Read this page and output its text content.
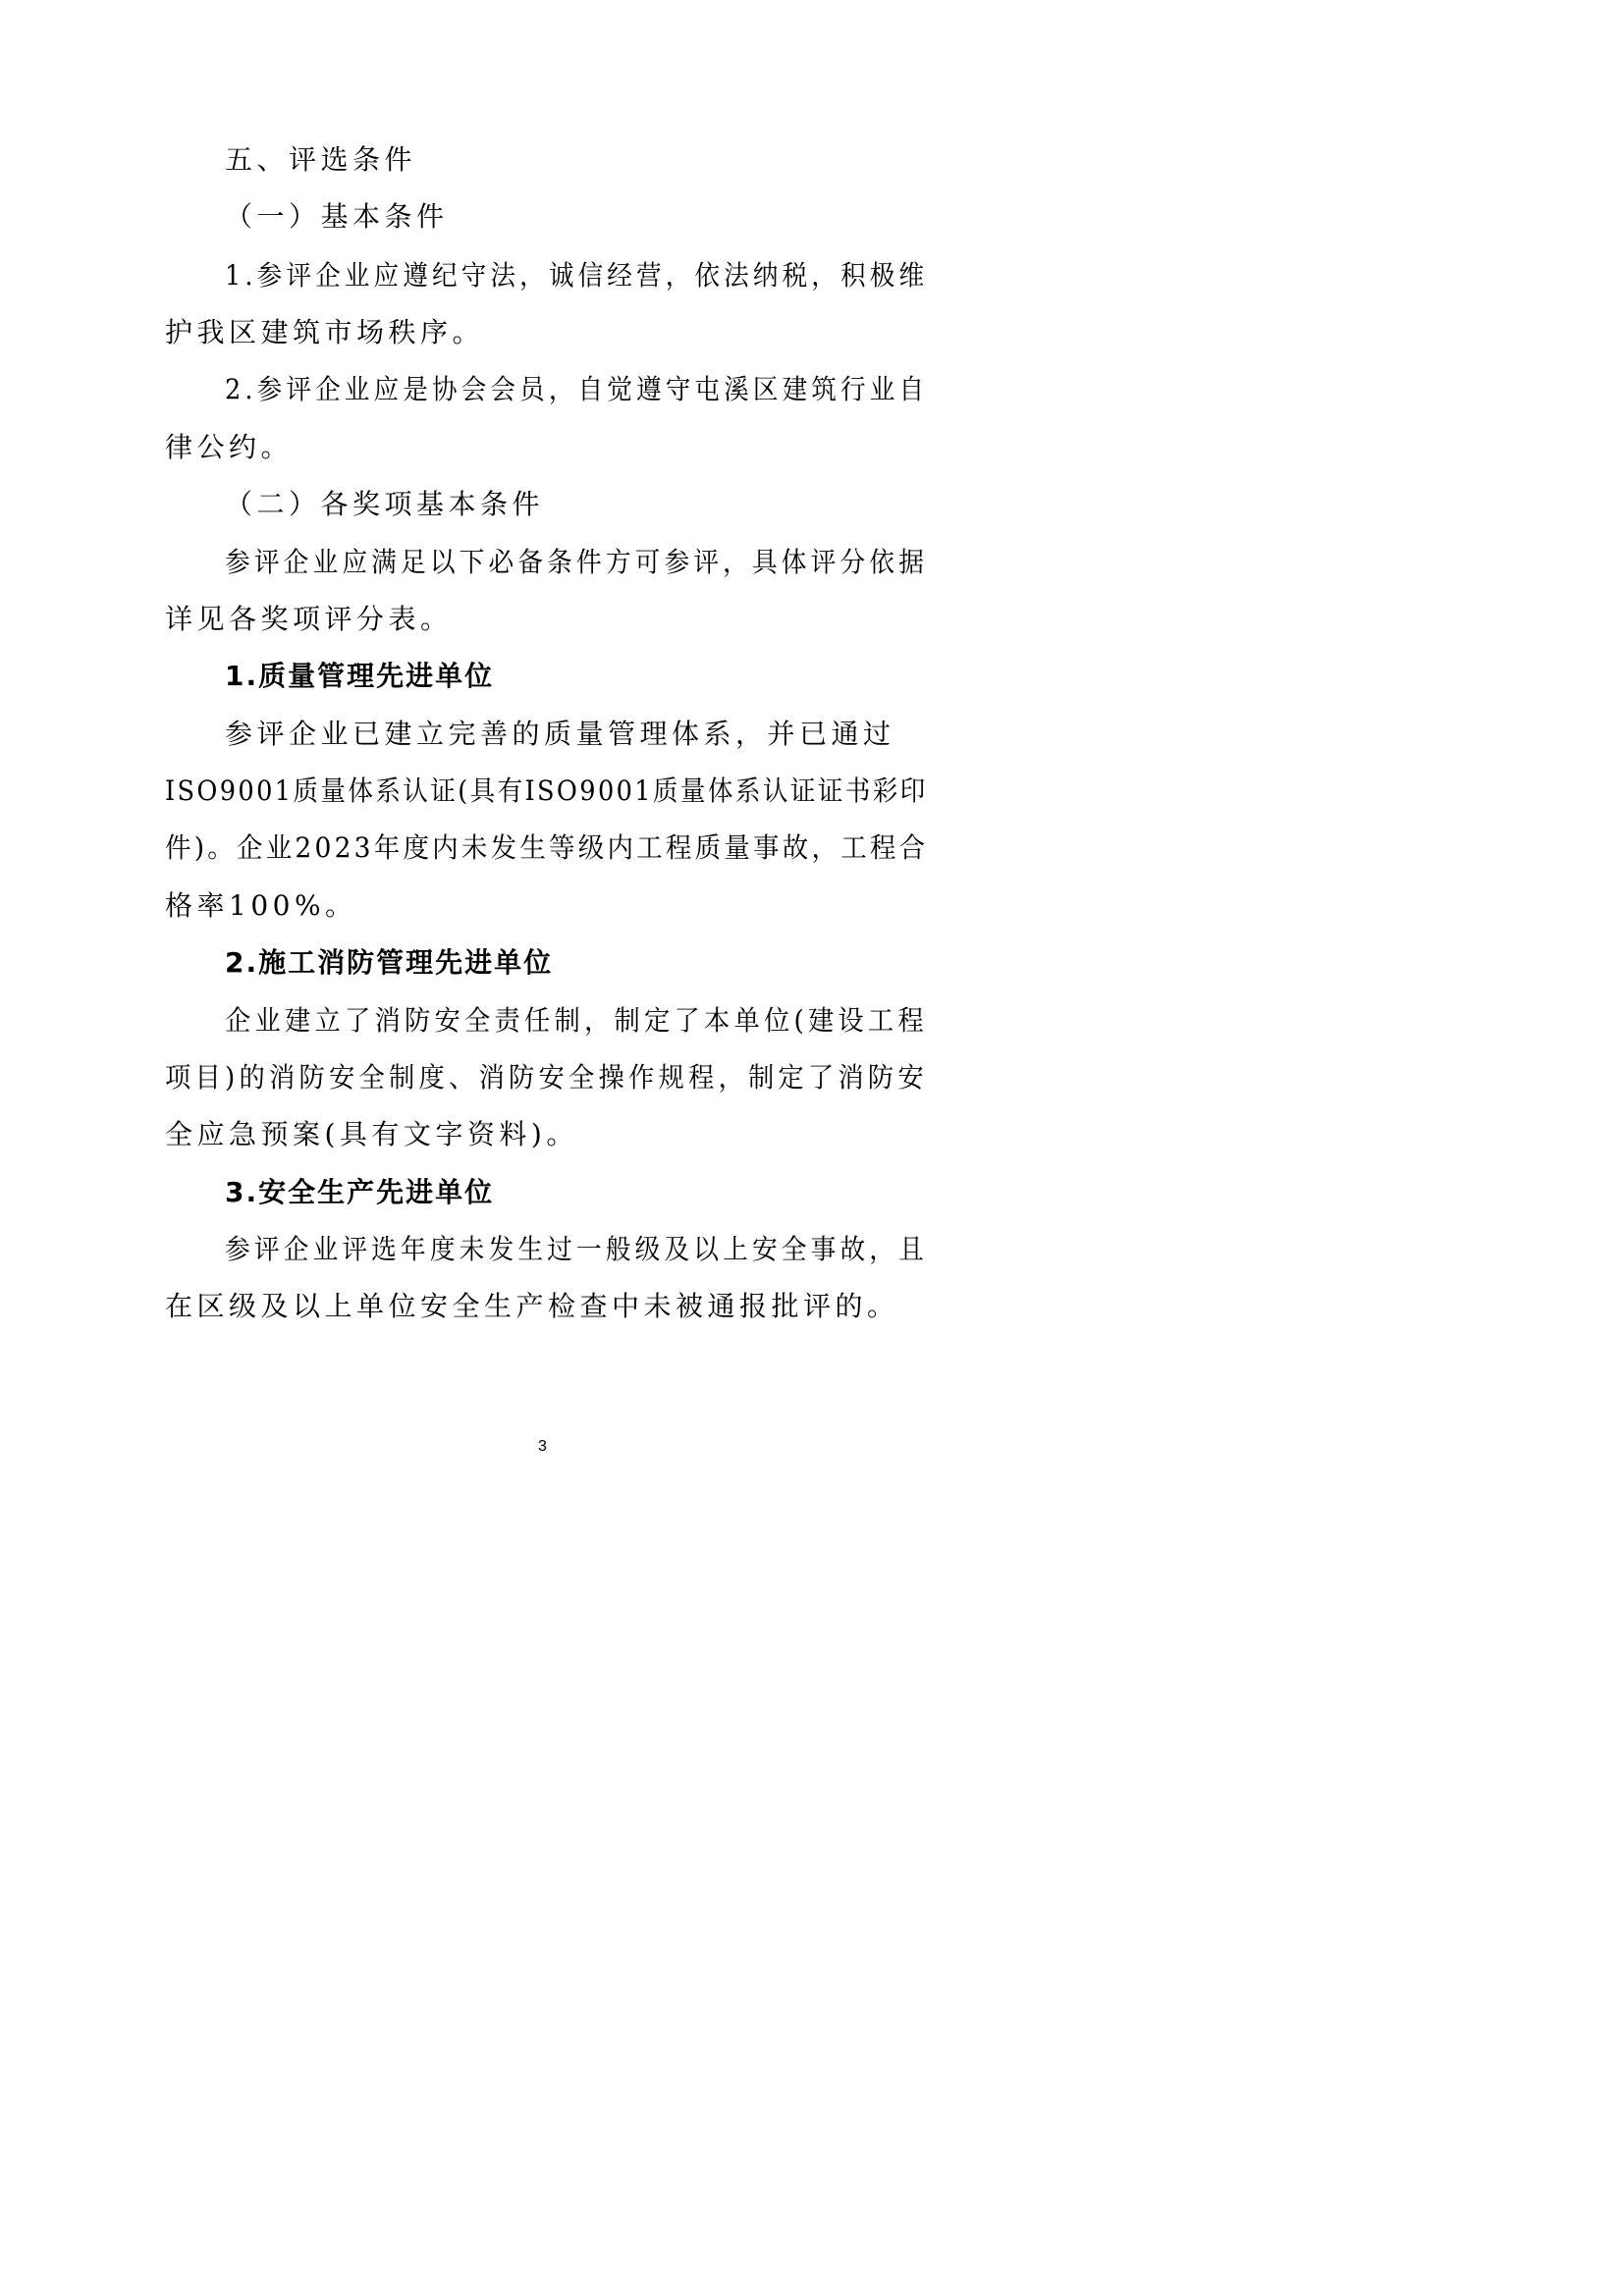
五、评选条件
（一）基本条件
1.参评企业应遵纪守法，诚信经营，依法纳税，积极维
护我区建筑市场秩序。
2.参评企业应是协会会员，自觉遵守屯溪区建筑行业自
律公约。
（二）各奖项基本条件
参评企业应满足以下必备条件方可参评，具体评分依据
详见各奖项评分表。
1.质量管理先进单位
参评企业已建立完善的质量管理体系，并已通过
ISO9001质量体系认证(具有ISO9001质量体系认证证书彩印
件)。企业2023年度内未发生等级内工程质量事故，工程合
格率100%。
2.施工消防管理先进单位
企业建立了消防安全责任制，制定了本单位(建设工程
项目)的消防安全制度、消防安全操作规程，制定了消防安
全应急预案(具有文字资料)。
3.安全生产先进单位
参评企业评选年度未发生过一般级及以上安全事故，且
在区级及以上单位安全生产检查中未被通报批评的。
3
